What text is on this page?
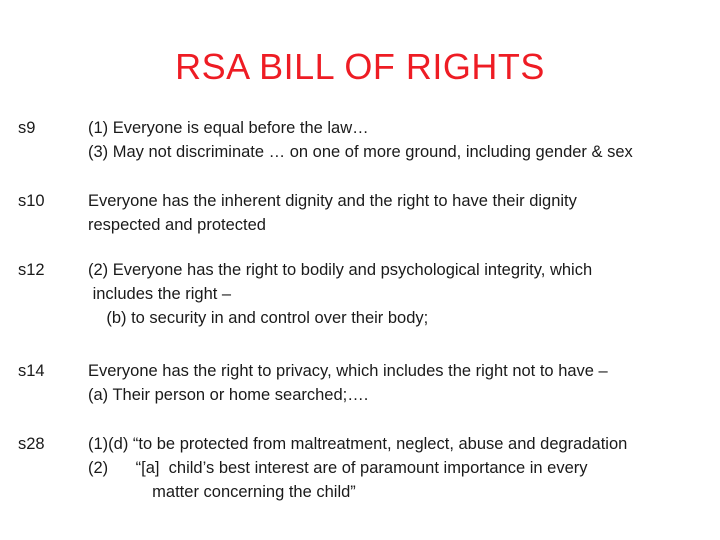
RSA BILL OF RIGHTS
s9	(1) Everyone is equal before the law…
(3) May not discriminate … on one of more ground, including gender & sex
s10	Everyone has the inherent dignity and the right to have their dignity
respected and protected
s12	(2) Everyone has the right to bodily and psychological integrity, which
includes the right –
(b) to security in and control over their body;
s14	Everyone has the right to privacy, which includes the right not to have –
(a) Their person or home searched;….
s28	(1)(d) “to be protected from maltreatment, neglect, abuse and degradation
(2)      “[a]  child’s best interest are of paramount importance in every
matter concerning the child”
